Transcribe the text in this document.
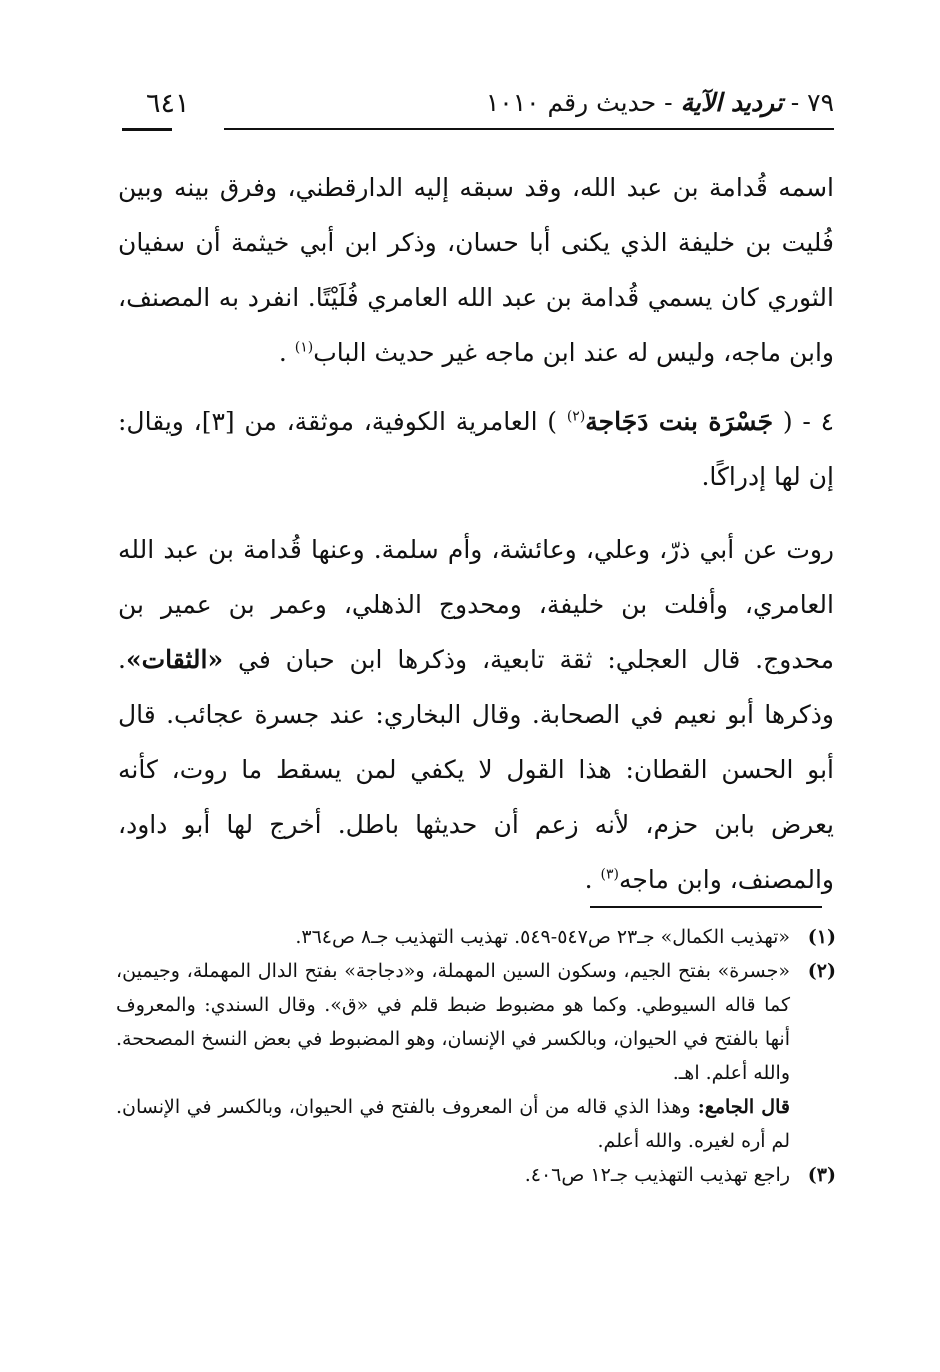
٧٩ - ترديد الآية - حديث رقم ١٠١٠
٦٤١

اسمه قُدامة بن عبد الله، وقد سبقه إليه الدارقطني، وفرق بينه وبين فُليت بن خليفة الذي يكنى أبا حسان، وذكر ابن أبي خيثمة أن سفيان الثوري كان يسمي قُدامة بن عبد الله العامري فُلَيْتًا. انفرد به المصنف، وابن ماجه، وليس له عند ابن ماجه غير حديث الباب$^{(١)}$ .

٤ - ( جَسْرَة بنت دَجَاجة$^{(٢)}$ ) العامرية الكوفية، موثقة، من [٣]، ويقال: إن لها إدراكًا.

روت عن أبي ذرّ، وعلي، وعائشة، وأم سلمة. وعنها قُدامة بن عبد الله العامري، وأفلت بن خليفة، ومحدوج الذهلي، وعمر بن عمير بن محدوج. قال العجلي: ثقة تابعية، وذكرها ابن حبان في «الثقات». وذكرها أبو نعيم في الصحابة. وقال البخاري: عند جسرة عجائب. قال أبو الحسن القطان: هذا القول لا يكفي لمن يسقط ما روت، كأنه يعرض بابن حزم، لأنه زعم أن حديثها باطل. أخرج لها أبو داود، والمصنف، وابن ماجه$^{(٣)}$ .

(١)

«تهذيب الكمال» جـ٢٣ ص٥٤٧-٥٤٩. تهذيب التهذيب جـ٨ ص٣٦٤.

(٢)

«جسرة» بفتح الجيم، وسكون السين المهملة، و«دجاجة» بفتح الدال المهملة، وجيمين، كما قاله السيوطي. وكما هو مضبوط ضبط قلم في «ق». وقال السندي: والمعروف أنها بالفتح في الحيوان، وبالكسر في الإنسان، وهو المضبوط في بعض النسخ المصححة. والله أعلم. اهـ.

قال الجامع: وهذا الذي قاله من أن المعروف بالفتح في الحيوان، وبالكسر في الإنسان. لم أره لغيره. والله أعلم.

(٣)

راجع تهذيب التهذيب جـ١٢ ص٤٠٦.
